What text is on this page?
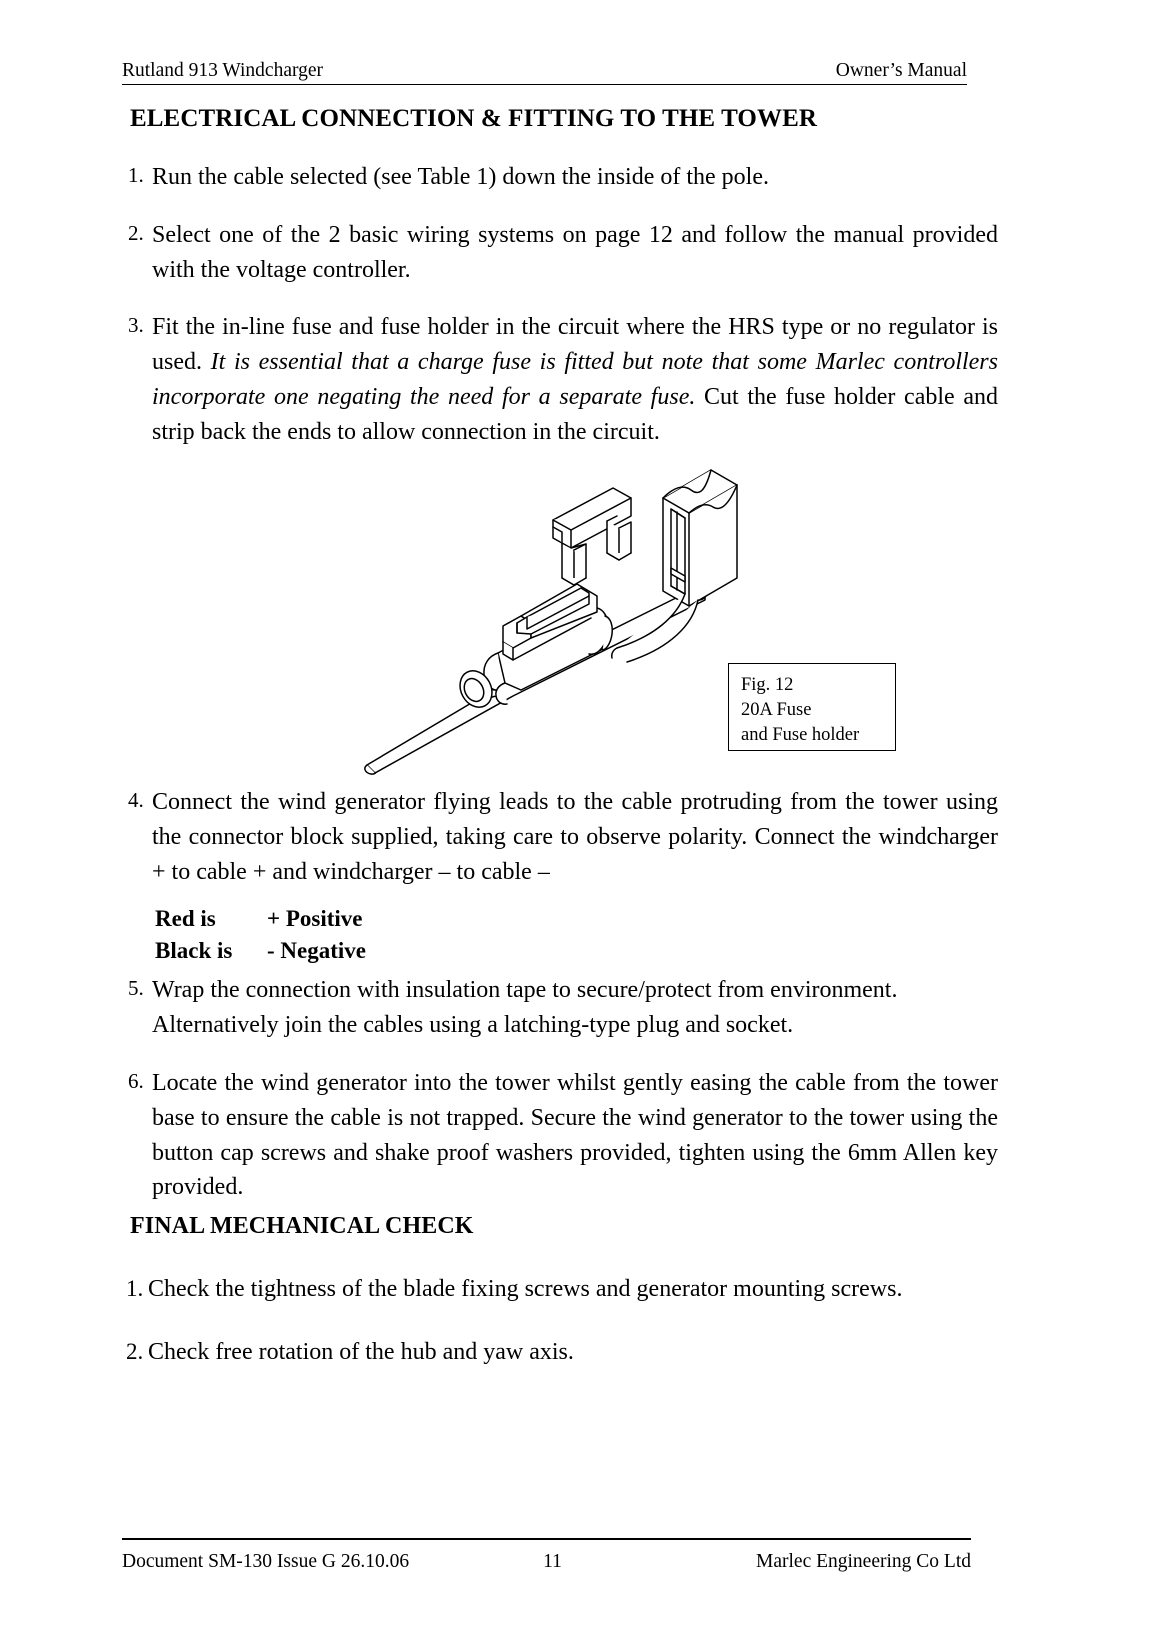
Rutland 913 Windcharger	Owner’s Manual
ELECTRICAL CONNECTION & FITTING TO THE TOWER
1. Run the cable selected (see Table 1) down the inside of the pole.
2. Select one of the 2 basic wiring systems on page 12 and follow the manual provided with the voltage controller.
3. Fit the in-line fuse and fuse holder in the circuit where the HRS type or no regulator is used. It is essential that a charge fuse is fitted but note that some Marlec controllers incorporate one negating the need for a separate fuse. Cut the fuse holder cable and strip back the ends to allow connection in the circuit.
Fig. 12
20A Fuse
and Fuse holder
4. Connect the wind generator flying leads to the cable protruding from the tower using the connector block supplied, taking care to observe polarity. Connect the windcharger + to cable + and windcharger – to cable –
5. Wrap the connection with insulation tape to secure/protect from environment. Alternatively join the cables using a latching-type plug and socket.
6. Locate the wind generator into the tower whilst gently easing the cable from the tower base to ensure the cable is not trapped. Secure the wind generator to the tower using the button cap screws and shake proof washers provided, tighten using the 6mm Allen key provided.
Red is	+ Positive
Black is	- Negative
FINAL MECHANICAL CHECK
1. Check the tightness of the blade fixing screws and generator mounting screws.
2. Check free rotation of the hub and yaw axis.
Document SM-130 Issue G 26.10.06	11	Marlec Engineering Co Ltd
